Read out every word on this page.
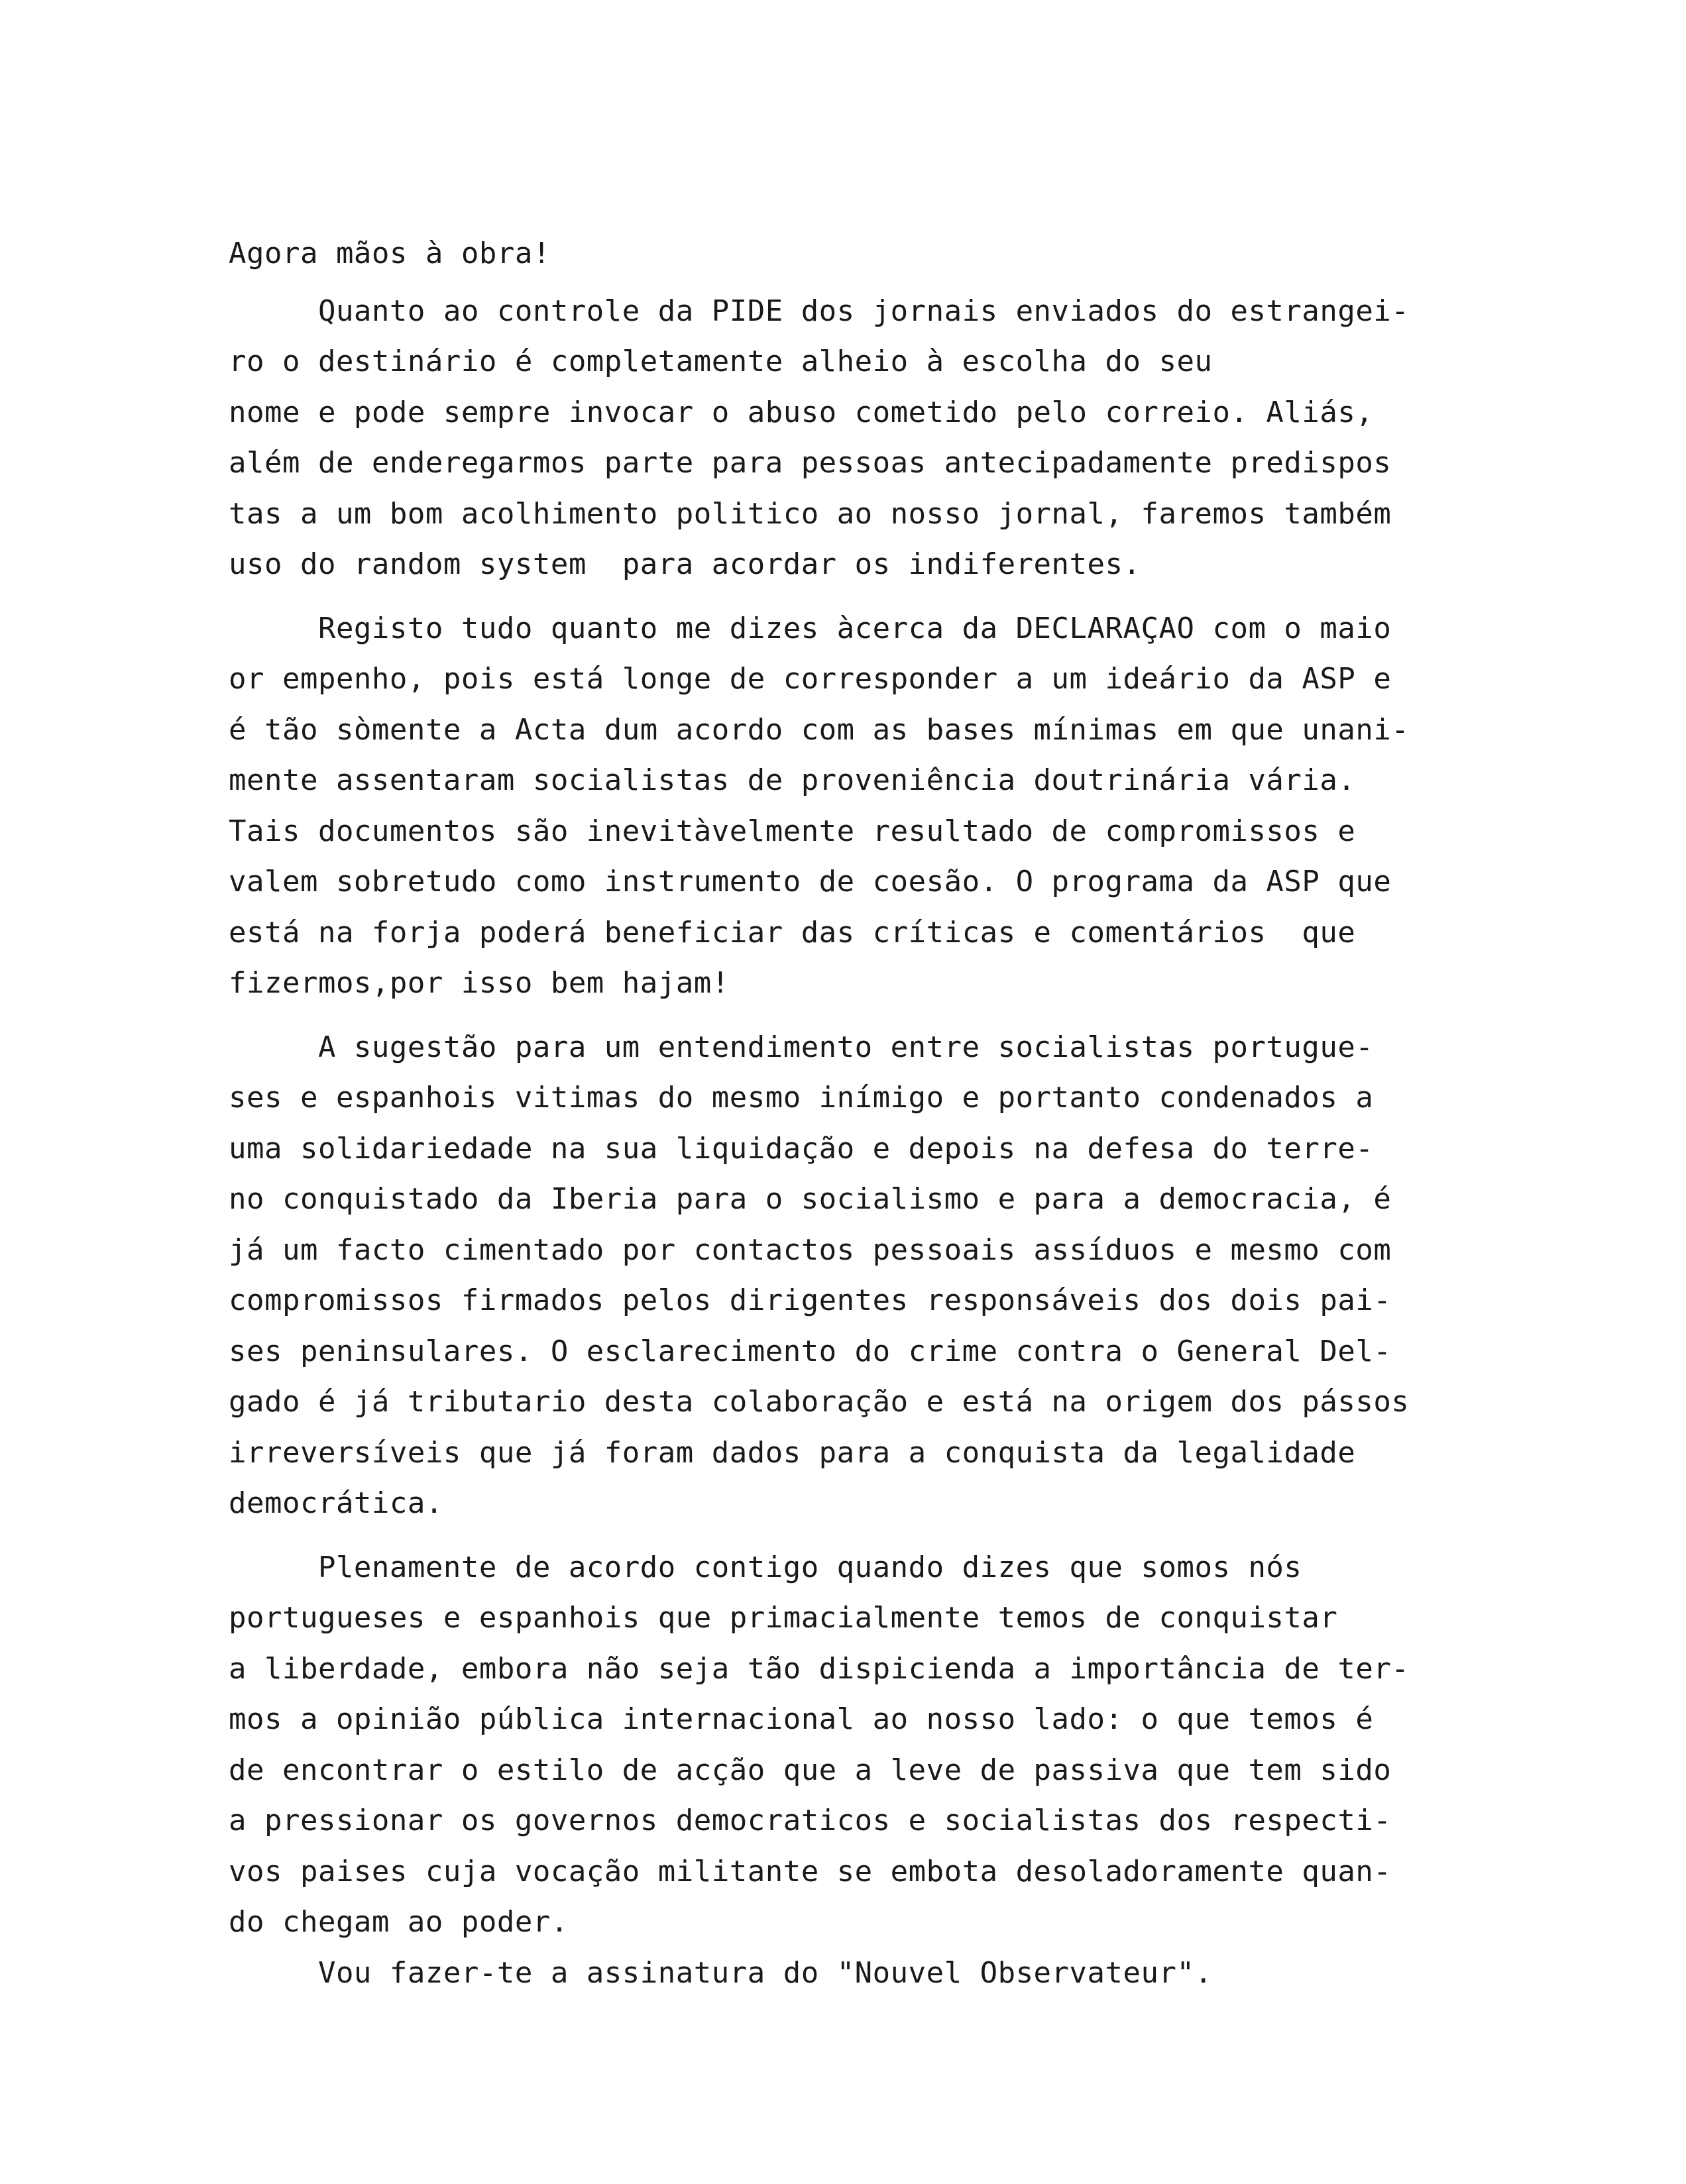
Agora mãos à obra!
Quanto ao controle da PIDE dos jornais enviados do estrangei-
ro o destinário é completamente alheio à escolha do seu
nome e pode sempre invocar o abuso cometido pelo correio. Aliás,
além de enderegarmos parte para pessoas antecipadamente predispos
tas a um bom acolhimento politico ao nosso jornal, faremos também
uso do random system  para acordar os indiferentes.
Registo tudo quanto me dizes àcerca da DECLARAÇAO com o maio
or empenho, pois está longe de corresponder a um ideário da ASP e
é tão sòmente a Acta dum acordo com as bases mínimas em que unani-
mente assentaram socialistas de proveniência doutrinária vária.
Tais documentos são inevitàvelmente resultado de compromissos e
valem sobretudo como instrumento de coesão. O programa da ASP que
está na forja poderá beneficiar das críticas e comentários  que
fizermos,por isso bem hajam!
A sugestão para um entendimento entre socialistas portugue-
ses e espanhois vitimas do mesmo inímigo e portanto condenados a
uma solidariedade na sua liquidação e depois na defesa do terre-
no conquistado da Iberia para o socialismo e para a democracia, é
já um facto cimentado por contactos pessoais assíduos e mesmo com
compromissos firmados pelos dirigentes responsáveis dos dois pai-
ses peninsulares. O esclarecimento do crime contra o General Del-
gado é já tributario desta colaboração e está na origem dos pássos
irreversíveis que já foram dados para a conquista da legalidade
democrática.
Plenamente de acordo contigo quando dizes que somos nós
portugueses e espanhois que primacialmente temos de conquistar
a liberdade, embora não seja tão dispicienda a importância de ter-
mos a opinião pública internacional ao nosso lado: o que temos é
de encontrar o estilo de acção que a leve de passiva que tem sido
a pressionar os governos democraticos e socialistas dos respecti-
vos paises cuja vocação militante se embota desoladoramente quan-
do chegam ao poder.
Vou fazer-te a assinatura do "Nouvel Observateur".
